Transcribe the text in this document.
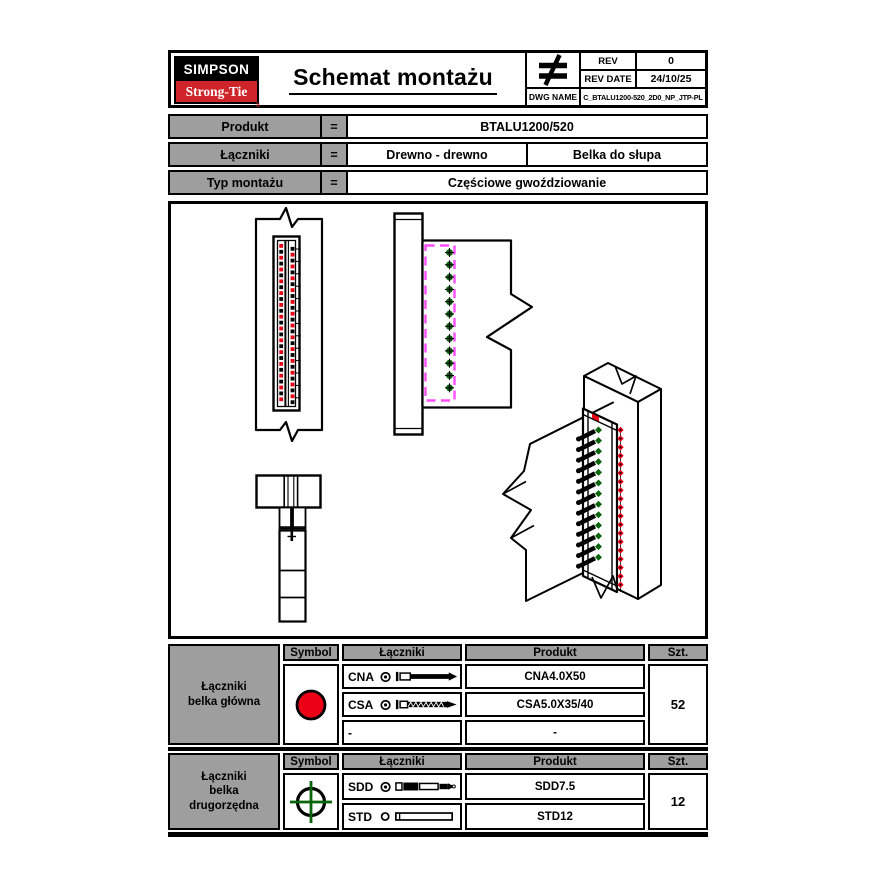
SIMPSON
Strong-Tie
®
Schemat montażu
REV	0
REV DATE	24/10/25
DWG NAME C_BTALU1200-520_2D0_NP_JTP-PL
Produkt	=	BTALU1200/520
Łączniki	=	Drewno - drewno	Belka do słupa
Typ montażu	=	Częściowe gwoździowanie
Łączniki
belka główna
Symbol	Łączniki	Produkt	Szt.
CNA	CNA4.0X50
CSA	CSA5.0X35/40
-	-
52
Łączniki
belka
drugorzędna
Symbol	Łączniki	Produkt	Szt.
SDD	SDD7.5
STD	STD12
12
